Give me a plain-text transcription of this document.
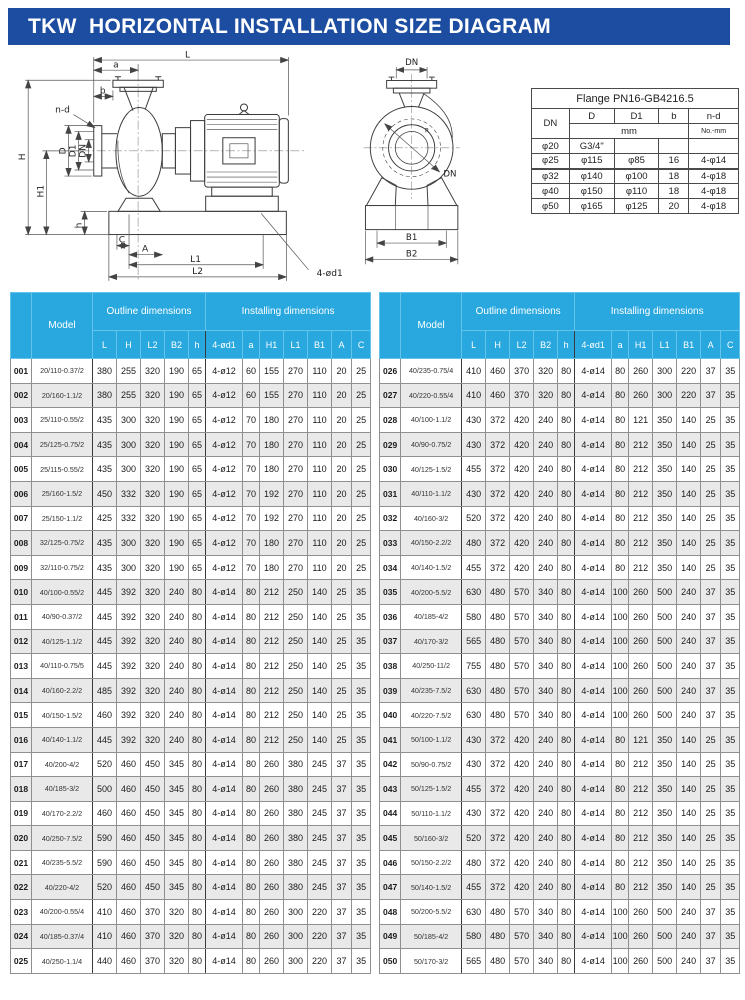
TKW  HORIZONTAL INSTALLATION SIZE DIAGRAM
L
a
b
n-d
H
H1
D D1 DN
h
C
A
L1
L2	4-ød1
DN
DN
R
B1
B2
Flange PN16-GB4216.5				
DN	D	D1	b	n-d
	mm			No.-mm
φ20	G3/4"			
φ25	φ115	φ85	16	4-φ14
φ32	φ140	φ100	18	4-φ18
φ40	φ150	φ110	18	4-φ18
φ50	φ165	φ125	20	4-φ18
	Model	Outline dimensions					Installing dimensions						
		L	H	L2	B2	h	4-ød1	a	H1	L1	B1	A	C
001	20/110-0.37/2	380	255	320	190	65	4-ø12	60	155	270	110	20	25
002	20/160-1.1/2	380	255	320	190	65	4-ø12	60	155	270	110	20	25
003	25/110-0.55/2	435	300	320	190	65	4-ø12	70	180	270	110	20	25
004	25/125-0.75/2	435	300	320	190	65	4-ø12	70	180	270	110	20	25
005	25/115-0.55/2	435	300	320	190	65	4-ø12	70	180	270	110	20	25
006	25/160-1.5/2	450	332	320	190	65	4-ø12	70	192	270	110	20	25
007	25/150-1.1/2	425	332	320	190	65	4-ø12	70	192	270	110	20	25
008	32/125-0.75/2	435	300	320	190	65	4-ø12	70	180	270	110	20	25
009	32/110-0.75/2	435	300	320	190	65	4-ø12	70	180	270	110	20	25
010	40/100-0.55/2	445	392	320	240	80	4-ø14	80	212	250	140	25	35
011	40/90-0.37/2	445	392	320	240	80	4-ø14	80	212	250	140	25	35
012	40/125-1.1/2	445	392	320	240	80	4-ø14	80	212	250	140	25	35
013	40/110-0.75/5	445	392	320	240	80	4-ø14	80	212	250	140	25	35
014	40/160-2.2/2	485	392	320	240	80	4-ø14	80	212	250	140	25	35
015	40/150-1.5/2	460	392	320	240	80	4-ø14	80	212	250	140	25	35
016	40/140-1.1/2	445	392	320	240	80	4-ø14	80	212	250	140	25	35
017	40/200-4/2	520	460	450	345	80	4-ø14	80	260	380	245	37	35
018	40/185-3/2	500	460	450	345	80	4-ø14	80	260	380	245	37	35
019	40/170-2.2/2	460	460	450	345	80	4-ø14	80	260	380	245	37	35
020	40/250-7.5/2	590	460	450	345	80	4-ø14	80	260	380	245	37	35
021	40/235-5.5/2	590	460	450	345	80	4-ø14	80	260	380	245	37	35
022	40/220-4/2	520	460	450	345	80	4-ø14	80	260	380	245	37	35
023	40/200-0.55/4	410	460	370	320	80	4-ø14	80	260	300	220	37	35
024	40/185-0.37/4	410	460	370	320	80	4-ø14	80	260	300	220	37	35
025	40/250-1.1/4	440	460	370	320	80	4-ø14	80	260	300	220	37	35
	Model	Outline dimensions					Installing dimensions						
		L	H	L2	B2	h	4-ød1	a	H1	L1	B1	A	C
026	40/235-0.75/4	410	460	370	320	80	4-ø14	80	260	300	220	37	35
027	40/220-0.55/4	410	460	370	320	80	4-ø14	80	260	300	220	37	35
028	40/100-1.1/2	430	372	420	240	80	4-ø14	80	121	350	140	25	35
029	40/90-0.75/2	430	372	420	240	80	4-ø14	80	212	350	140	25	35
030	40/125-1.5/2	455	372	420	240	80	4-ø14	80	212	350	140	25	35
031	40/110-1.1/2	430	372	420	240	80	4-ø14	80	212	350	140	25	35
032	40/160-3/2	520	372	420	240	80	4-ø14	80	212	350	140	25	35
033	40/150-2.2/2	480	372	420	240	80	4-ø14	80	212	350	140	25	35
034	40/140-1.5/2	455	372	420	240	80	4-ø14	80	212	350	140	25	35
035	40/200-5.5/2	630	480	570	340	80	4-ø14	100	260	500	240	37	35
036	40/185-4/2	580	480	570	340	80	4-ø14	100	260	500	240	37	35
037	40/170-3/2	565	480	570	340	80	4-ø14	100	260	500	240	37	35
038	40/250-11/2	755	480	570	340	80	4-ø14	100	260	500	240	37	35
039	40/235-7.5/2	630	480	570	340	80	4-ø14	100	260	500	240	37	35
040	40/220-7.5/2	630	480	570	340	80	4-ø14	100	260	500	240	37	35
041	50/100-1.1/2	430	372	420	240	80	4-ø14	80	121	350	140	25	35
042	50/90-0.75/2	430	372	420	240	80	4-ø14	80	212	350	140	25	35
043	50/125-1.5/2	455	372	420	240	80	4-ø14	80	212	350	140	25	35
044	50/110-1.1/2	430	372	420	240	80	4-ø14	80	212	350	140	25	35
045	50/160-3/2	520	372	420	240	80	4-ø14	80	212	350	140	25	35
046	50/150-2.2/2	480	372	420	240	80	4-ø14	80	212	350	140	25	35
047	50/140-1.5/2	455	372	420	240	80	4-ø14	80	212	350	140	25	35
048	50/200-5.5/2	630	480	570	340	80	4-ø14	100	260	500	240	37	35
049	50/185-4/2	580	480	570	340	80	4-ø14	100	260	500	240	37	35
050	50/170-3/2	565	480	570	340	80	4-ø14	100	260	500	240	37	35
